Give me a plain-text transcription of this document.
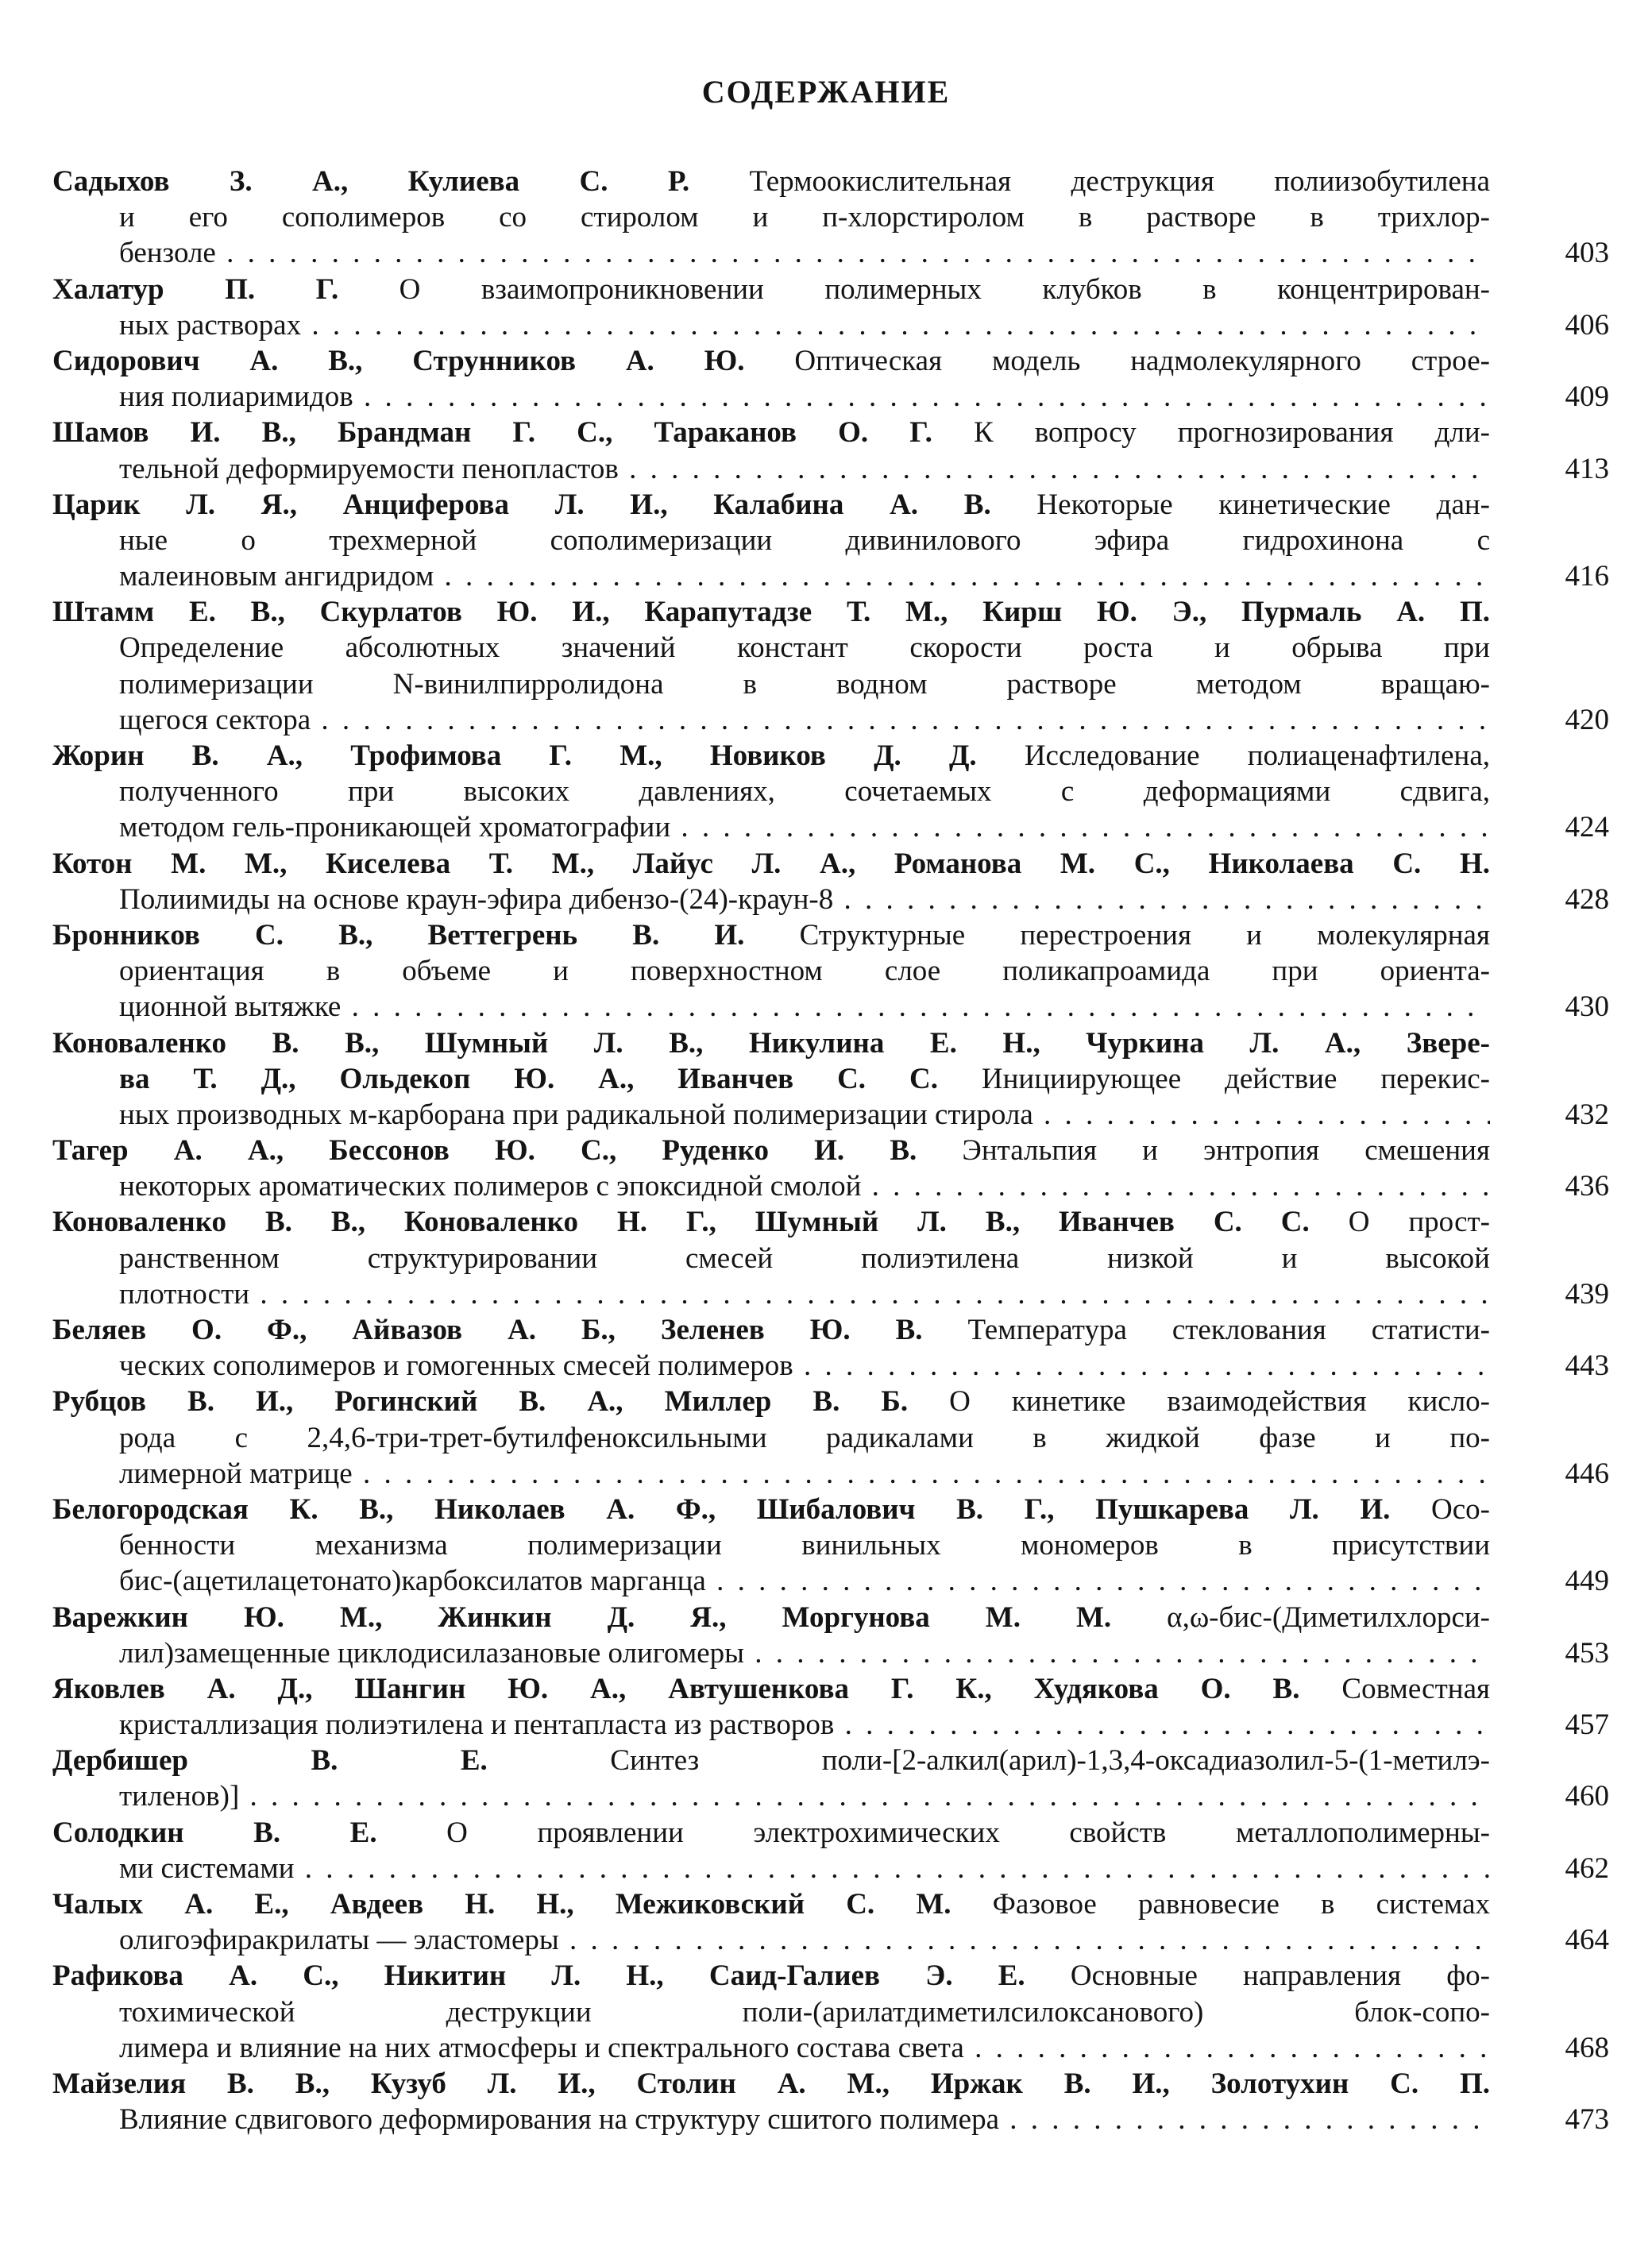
СОДЕРЖАНИЕ
Садыхов З. А., Кулиева С. Р. Термоокислительная деструкция полиизобутилена
и его сополимеров со стиролом и п-хлорстиролом в растворе в трихлор-
бензоле . . .	403
Халатур П. Г. О взаимопроникновении полимерных клубков в концентрирован-
ных растворах . . .	406
Сидорович А. В., Струнников А. Ю. Оптическая модель надмолекулярного строе-
ния полиаримидов . . .	409
Шамов И. В., Брандман Г. С., Тараканов О. Г. К вопросу прогнозирования дли-
тельной деформируемости пенопластов . . .	413
Царик Л. Я., Анциферова Л. И., Калабина А. В. Некоторые кинетические дан-
ные о трехмерной сополимеризации дивинилового эфира гидрохинона с
малеиновым ангидридом . . .	416
Штамм Е. В., Скурлатов Ю. И., Карапутадзе Т. М., Кирш Ю. Э., Пурмаль А. П.
Определение абсолютных значений констант скорости роста и обрыва при
полимеризации N-винилпирролидона в водном растворе методом вращаю-
щегося сектора . . .	420
Жорин В. А., Трофимова Г. М., Новиков Д. Д. Исследование полиаценафтилена,
полученного при высоких давлениях, сочетаемых с деформациями сдвига,
методом гель-проникающей хроматографии . . .	424
Котон М. М., Киселева Т. М., Лайус Л. А., Романова М. С., Николаева С. Н.
Полиимиды на основе краун-эфира дибензо-(24)-краун-8 . . .	428
Бронников С. В., Веттегрень В. И. Структурные перестроения и молекулярная
ориентация в объеме и поверхностном слое поликапроамида при ориента-
ционной вытяжке . . .	430
Коноваленко В. В., Шумный Л. В., Никулина Е. Н., Чуркина Л. А., Звере-
ва Т. Д., Ольдекоп Ю. А., Иванчев С. С. Инициирующее действие перекис-
ных производных м-карборана при радикальной полимеризации стирола . . .	432
Тагер А. А., Бессонов Ю. С., Руденко И. В. Энтальпия и энтропия смешения
некоторых ароматических полимеров с эпоксидной смолой . . .	436
Коноваленко В. В., Коноваленко Н. Г., Шумный Л. В., Иванчев С. С. О прост-
ранственном структурировании смесей полиэтилена низкой и высокой
плотности . . .	439
Беляев О. Ф., Айвазов А. Б., Зеленев Ю. В. Температура стеклования статисти-
ческих сополимеров и гомогенных смесей полимеров . . .	443
Рубцов В. И., Рогинский В. А., Миллер В. Б. О кинетике взаимодействия кисло-
рода с 2,4,6-три-трет-бутилфеноксильными радикалами в жидкой фазе и по-
лимерной матрице . . .	446
Белогородская К. В., Николаев А. Ф., Шибалович В. Г., Пушкарева Л. И. Осо-
бенности механизма полимеризации винильных мономеров в присутствии
бис-(ацетилацетонато)карбоксилатов марганца . . .	449
Варежкин Ю. М., Жинкин Д. Я., Моргунова М. М. α,ω-бис-(Диметилхлорси-
лил)замещенные циклодисилазановые олигомеры . . .	453
Яковлев А. Д., Шангин Ю. А., Автушенкова Г. К., Худякова О. В. Совместная
кристаллизация полиэтилена и пентапласта из растворов . . .	457
Дербишер В. Е. Синтез поли-[2-алкил(арил)-1,3,4-оксадиазолил-5-(1-метилэ-
тиленов)] . . .	460
Солодкин В. Е. О проявлении электрохимических свойств металлополимерны-
ми системами . . .	462
Чалых А. Е., Авдеев Н. Н., Межиковский С. М. Фазовое равновесие в системах
олигоэфиракрилаты — эластомеры . . .	464
Рафикова А. С., Никитин Л. Н., Саид-Галиев Э. Е. Основные направления фо-
тохимической деструкции поли-(арилатдиметилсилоксанового) блок-сопо-
лимера и влияние на них атмосферы и спектрального состава света . . .	468
Майзелия В. В., Кузуб Л. И., Столин А. М., Иржак В. И., Золотухин С. П.
Влияние сдвигового деформирования на структуру сшитого полимера . . .	473
